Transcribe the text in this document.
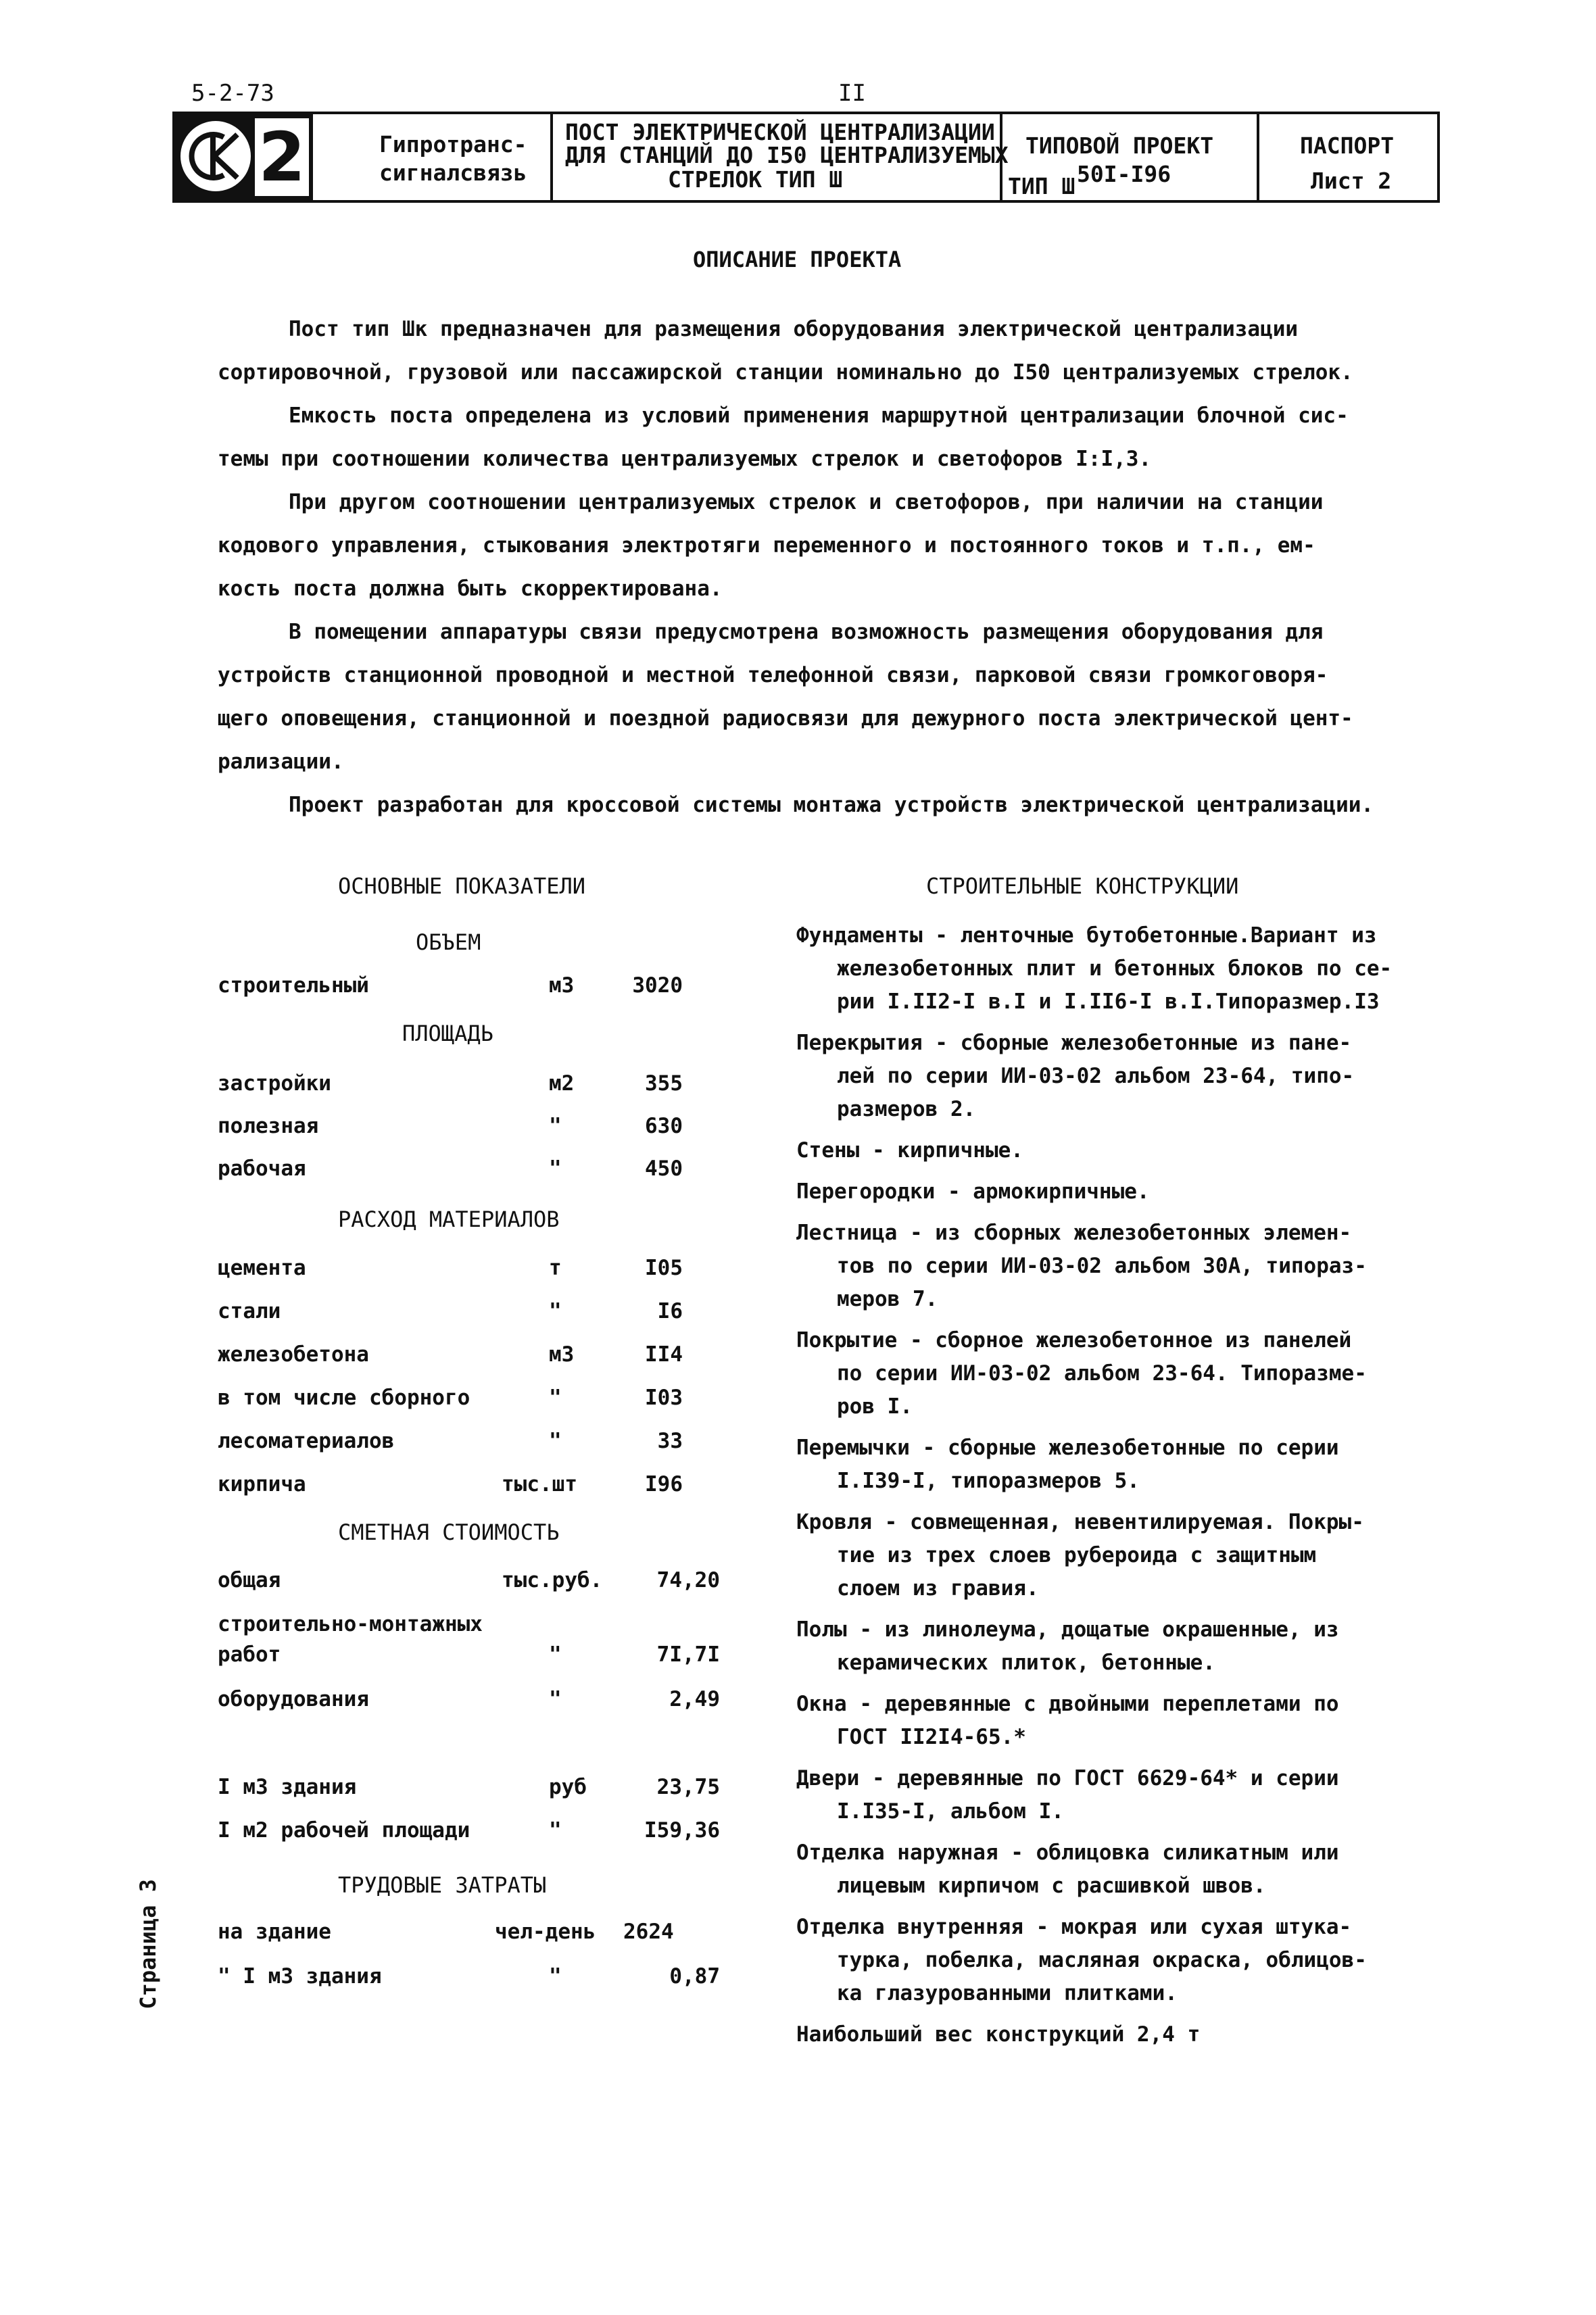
5-2-73	II
2	Гипротранс-
сигналсвязь
ПОСТ ЭЛЕКТРИЧЕСКОЙ ЦЕНТРАЛИЗАЦИИ
ДЛЯ СТАНЦИЙ ДО I50 ЦЕНТРАЛИЗУЕМЫХ
СТРЕЛОК ТИП Ш
ТИПОВОЙ ПРОЕКТ
ТИП Ш 50I-I96
ПАСПОРТ
Лист 2
ОПИСАНИЕ ПРОЕКТА
Пост тип Шк предназначен для размещения оборудования электрической централизации
сортировочной, грузовой или пассажирской станции номинально до I50 централизуемых стрелок.
Емкость поста определена из условий применения маршрутной централизации блочной сис-
темы при соотношении количества централизуемых стрелок и светофоров I:I,3.
При другом соотношении централизуемых стрелок и светофоров, при наличии на станции
кодового управления, стыкования электротяги переменного и постоянного токов и т.п., ем-
кость поста должна быть скорректирована.
В помещении аппаратуры связи предусмотрена возможность размещения оборудования для
устройств станционной проводной и местной телефонной связи, парковой связи громкоговоря-
щего оповещения, станционной и поездной радиосвязи для дежурного поста электрической цент-
рализации.
Проект разработан для кроссовой системы монтажа устройств электрической централизации.
ОСНОВНЫЕ ПОКАЗАТЕЛИ
ОБЪЕМ
строительный	м3	3020
ПЛОЩАДЬ
застройки	м2	355
полезная	"	630
рабочая	"	450
РАСХОД МАТЕРИАЛОВ
цемента	т	I05
стали	"	I6
железобетона	м3	II4
в том числе сборного	"	I03
лесоматериалов	"	33
кирпича	тыс.шт	I96
СМЕТНАЯ СТОИМОСТЬ
общая	тыс.руб.	74,20
строительно-монтажных
работ	"	7I,7I
оборудования	"	2,49
I м3 здания	руб	23,75
I м2 рабочей площади	"	I59,36
ТРУДОВЫЕ ЗАТРАТЫ
на здание	чел-день 2624
" I м3 здания	"	0,87
СТРОИТЕЛЬНЫЕ КОНСТРУКЦИИ
Фундаменты - ленточные бутобетонные.Вариант из
железобетонных плит и бетонных блоков по се-
рии I.II2-I в.I и I.II6-I в.I.Типоразмер.I3
Перекрытия - сборные железобетонные из пане-
лей по серии ИИ-03-02 альбом 23-64, типо-
размеров 2.
Стены - кирпичные.
Перегородки - армокирпичные.
Лестница - из сборных железобетонных элемен-
тов по серии ИИ-03-02 альбом 30А, типораз-
меров 7.
Покрытие - сборное железобетонное из панелей
по серии ИИ-03-02 альбом 23-64. Типоразме-
ров I.
Перемычки - сборные железобетонные по серии
I.I39-I, типоразмеров 5.
Кровля - совмещенная, невентилируемая. Покры-
тие из трех слоев рубероида с защитным
слоем из гравия.
Полы - из линолеума, дощатые окрашенные, из
керамических плиток, бетонные.
Окна - деревянные с двойными переплетами по
ГОСТ II2I4-65.*
Двери - деревянные по ГОСТ 6629-64* и серии
I.I35-I, альбом I.
Отделка наружная - облицовка силикатным или
лицевым кирпичом с расшивкой швов.
Отделка внутренняя - мокрая или сухая штука-
турка, побелка, масляная окраска, облицов-
ка глазурованными плитками.
Наибольший вес конструкций 2,4 т
Страница 3
